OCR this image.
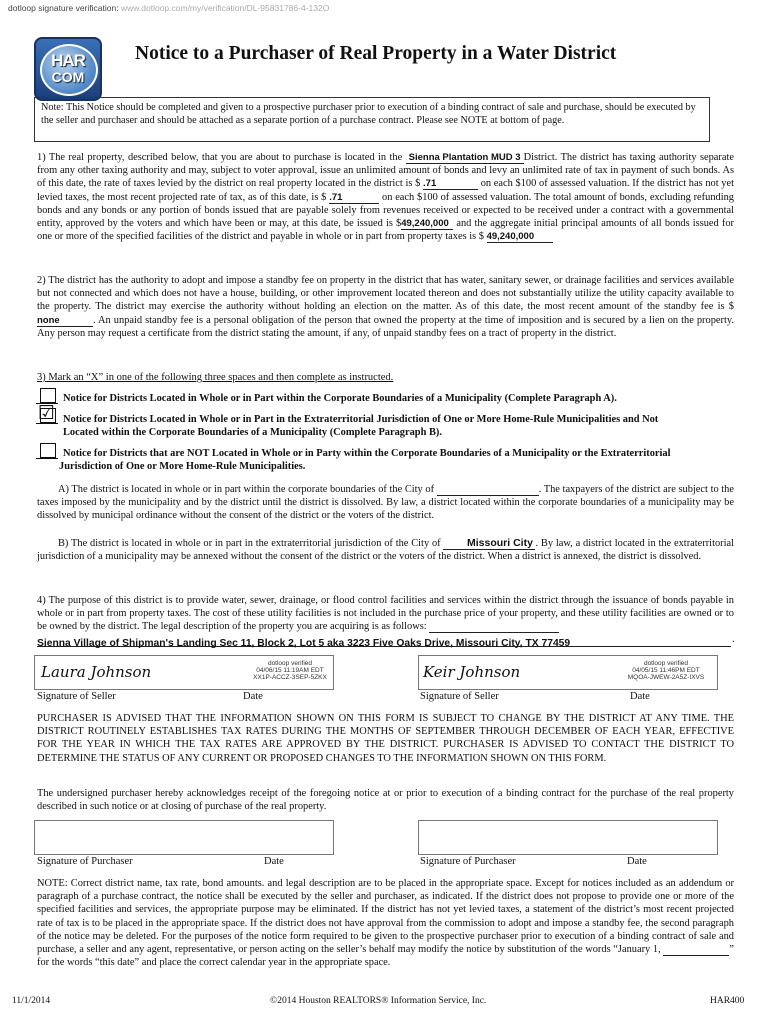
dotloop signature verification: www.dotloop.com/my/verification/DL-95831786-4-132O
HAR
COM
Notice to a Purchaser of Real Property in a Water District
Note: This Notice should be completed and given to a prospective purchaser prior to execution of a binding contract of sale and purchase, should be executed by the seller and purchaser and should be attached as a separate portion of a purchase contract. Please see NOTE at bottom of page.
1) The real property, described below, that you are about to purchase is located in the Sienna Plantation MUD 3 District. The district has taxing authority separate from any other taxing authority and may, subject to voter approval, issue an unlimited amount of bonds and levy an unlimited rate of tax in payment of such bonds. As of this date, the rate of taxes levied by the district on real property located in the district is $ .71	on each $100 of assessed valuation. If the district has not yet levied taxes, the most recent projected rate of tax, as of this date, is $ .71	on each $100 of assessed valuation. The total amount of bonds, excluding refunding bonds and any bonds or any portion of bonds issued that are payable solely from revenues received or expected to be received under a contract with a governmental entity, approved by the voters and which have been or may, at this date, be issued is $49,240,000 and the aggregate initial principal amounts of all bonds issued for one or more of the specified facilities of the district and payable in whole or in part from property taxes is $ 49,240,000
2) The district has the authority to adopt and impose a standby fee on property in the district that has water, sanitary sewer, or drainage facilities and services available but not connected and which does not have a house, building, or other improvement located thereon and does not substantially utilize the utility capacity available to the property. The district may exercise the authority without holding an election on the matter. As of this date, the most recent amount of the standby fee is $none	. An unpaid standby fee is a personal obligation of the person that owned the property at the time of imposition and is secured by a lien on the property. Any person may request a certificate from the district stating the amount, if any, of unpaid standby fees on a tract of property in the district.
3) Mark an “X” in one of the following three spaces and then complete as instructed.
Notice for Districts Located in Whole or in Part within the Corporate Boundaries of a Municipality (Complete Paragraph A).
☑ Notice for Districts Located in Whole or in Part in the Extraterritorial Jurisdiction of One or More Home-Rule Municipalities and Not
Located within the Corporate Boundaries of a Municipality (Complete Paragraph B).
Notice for Districts that are NOT Located in Whole or in Party within the Corporate Boundaries of a Municipality or the Extraterritorial
Jurisdiction of One or More Home-Rule Municipalities.
A) The district is located in whole or in part within the corporate boundaries of the City of	. The taxpayers of the district are subject to the taxes imposed by the municipality and by the district until the district is dissolved. By law, a district located within the corporate boundaries of a municipality may be dissolved by municipal ordinance without the consent of the district or the voters of the district.
B) The district is located in whole or in part in the extraterritorial jurisdiction of the City of	Missouri City . By law, a district located in the extraterritorial jurisdiction of a municipality may be annexed without the consent of the district or the voters of the district. When a district is annexed, the district is dissolved.
4) The purpose of this district is to provide water, sewer, drainage, or flood control facilities and services within the district through the issuance of bonds payable in whole or in part from property taxes. The cost of these utility facilities is not included in the purchase price of your property, and these utility facilities are owned or to be owned by the district. The legal description of the property you are acquiring is as follows:
Sienna Village of Shipman's Landing Sec 11, Block 2, Lot 5 aka 3223 Five Oaks Drive, Missouri City, TX 77459	.
Laura Johnson	dotloop verified
04/06/15 11:19AM EDT
XX1P-ACCZ-3SEP-5ZKX	Keir Johnson	dotloop verified
04/05/15 11:46PM EDT
MQOA-JWEW-2A5Z-IXVS
Signature of Seller	Date	Signature of Seller	Date
PURCHASER IS ADVISED THAT THE INFORMATION SHOWN ON THIS FORM IS SUBJECT TO CHANGE BY THE DISTRICT AT ANY TIME. THE DISTRICT ROUTINELY ESTABLISHES TAX RATES DURING THE MONTHS OF SEPTEMBER THROUGH DECEMBER OF EACH YEAR, EFFECTIVE FOR THE YEAR IN WHICH THE TAX RATES ARE APPROVED BY THE DISTRICT. PURCHASER IS ADVISED TO CONTACT THE DISTRICT TO DETERMINE THE STATUS OF ANY CURRENT OR PROPOSED CHANGES TO THE INFORMATION SHOWN ON THIS FORM.
The undersigned purchaser hereby acknowledges receipt of the foregoing notice at or prior to execution of a binding contract for the purchase of the real property described in such notice or at closing of purchase of the real property.
Signature of Purchaser	Date	Signature of Purchaser	Date
NOTE: Correct district name, tax rate, bond amounts. and legal description are to be placed in the appropriate space. Except for notices included as an addendum or paragraph of a purchase contract, the notice shall be executed by the seller and purchaser, as indicated. If the district does not propose to provide one or more of the specified facilities and services, the appropriate purpose may be eliminated. If the district has not yet levied taxes, a statement of the district’s most recent projected rate of tax is to be placed in the appropriate space. If the district does not have approval from the commission to adopt and impose a standby fee, the second paragraph of the notice may be deleted. For the purposes of the notice form required to be given to the prospective purchaser prior to execution of a binding contract of sale and purchase, a seller and any agent, representative, or person acting on the seller’s behalf may modify the notice by substitution of the words “January 1,	” for the words “this date” and place the correct calendar year in the appropriate space.
11/1/2014	©2014 Houston REALTORS® Information Service, Inc.	HAR400
